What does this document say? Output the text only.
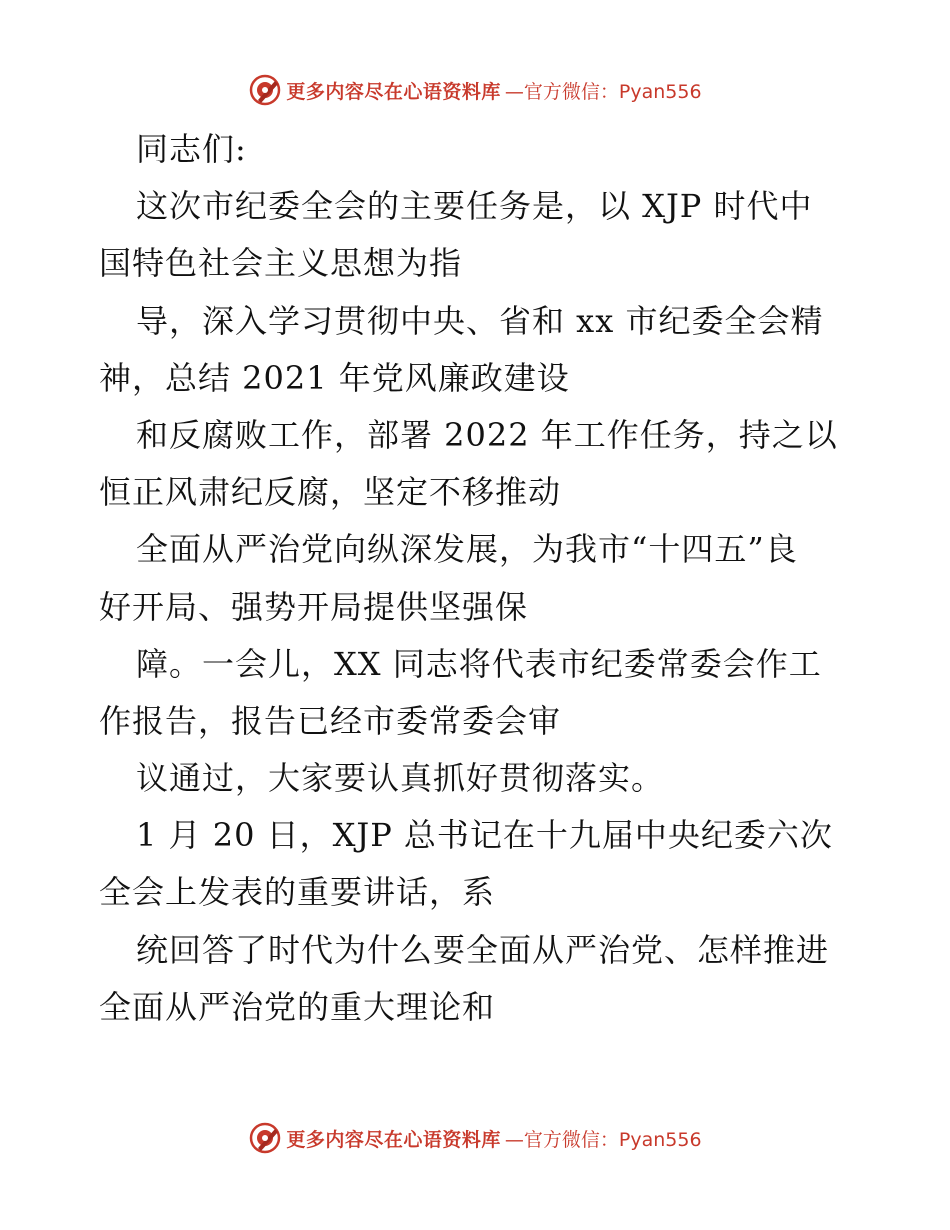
更多内容尽在心语资料库 —官方微信：Pyan556
同志们:
这次市纪委全会的主要任务是，以 XJP 时代中
国特色社会主义思想为指
导，深入学习贯彻中央、省和 xx 市纪委全会精
神，总结 2021 年党风廉政建设
和反腐败工作，部署 2022 年工作任务，持之以
恒正风肃纪反腐，坚定不移推动
全面从严治党向纵深发展，为我市“十四五”良
好开局、强势开局提供坚强保
障。一会儿，XX 同志将代表市纪委常委会作工
作报告，报告已经市委常委会审
议通过，大家要认真抓好贯彻落实。
1 月 20 日，XJP 总书记在十九届中央纪委六次
全会上发表的重要讲话，系
统回答了时代为什么要全面从严治党、怎样推进
全面从严治党的重大理论和
更多内容尽在心语资料库 —官方微信：Pyan556
